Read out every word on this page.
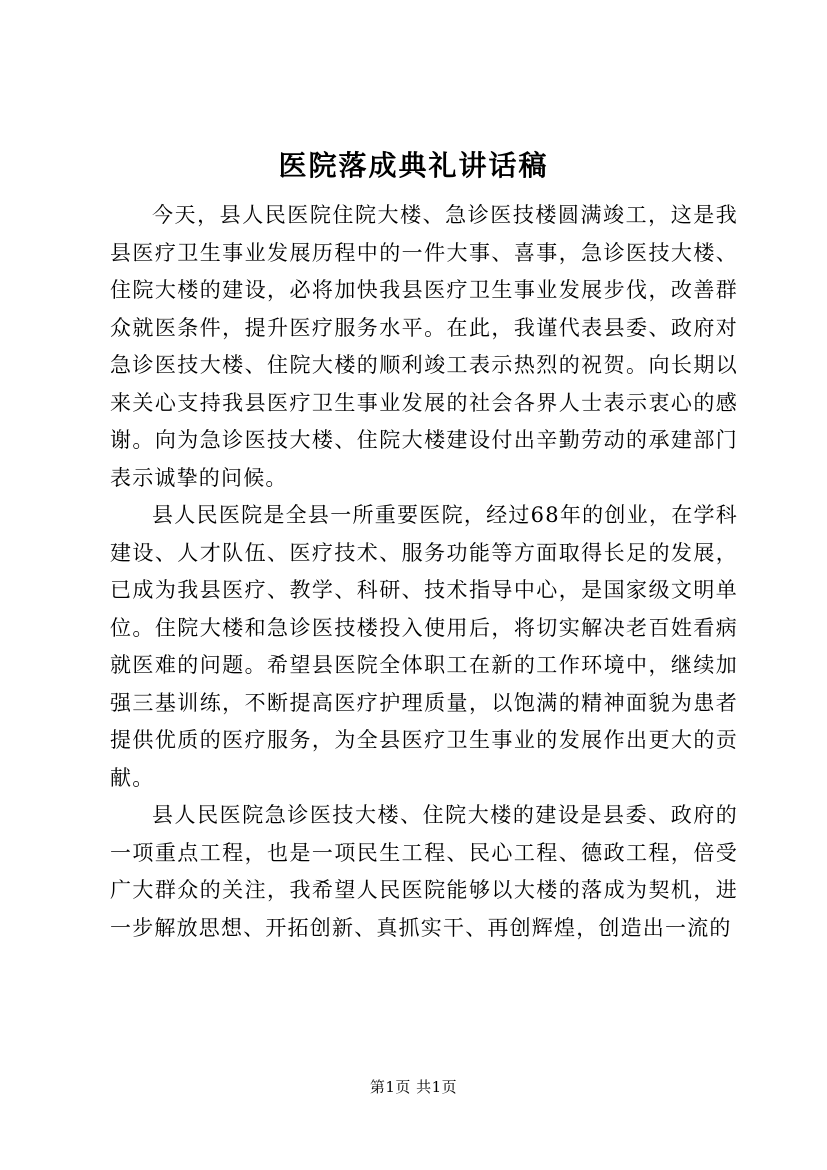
医院落成典礼讲话稿

今天，县人民医院住院大楼、急诊医技楼圆满竣工，这是我县医疗卫生事业发展历程中的一件大事、喜事，急诊医技大楼、住院大楼的建设，必将加快我县医疗卫生事业发展步伐，改善群众就医条件，提升医疗服务水平。在此，我谨代表县委、政府对急诊医技大楼、住院大楼的顺利竣工表示热烈的祝贺。向长期以来关心支持我县医疗卫生事业发展的社会各界人士表示衷心的感谢。向为急诊医技大楼、住院大楼建设付出辛勤劳动的承建部门表示诚挚的问候。

县人民医院是全县一所重要医院，经过68年的创业，在学科建设、人才队伍、医疗技术、服务功能等方面取得长足的发展，已成为我县医疗、教学、科研、技术指导中心，是国家级文明单位。住院大楼和急诊医技楼投入使用后，将切实解决老百姓看病就医难的问题。希望县医院全体职工在新的工作环境中，继续加强三基训练，不断提高医疗护理质量，以饱满的精神面貌为患者提供优质的医疗服务，为全县医疗卫生事业的发展作出更大的贡献。

县人民医院急诊医技大楼、住院大楼的建设是县委、政府的一项重点工程，也是一项民生工程、民心工程、德政工程，倍受广大群众的关注，我希望人民医院能够以大楼的落成为契机，进一步解放思想、开拓创新、真抓实干、再创辉煌，创造出一流的

第1页 共1页
